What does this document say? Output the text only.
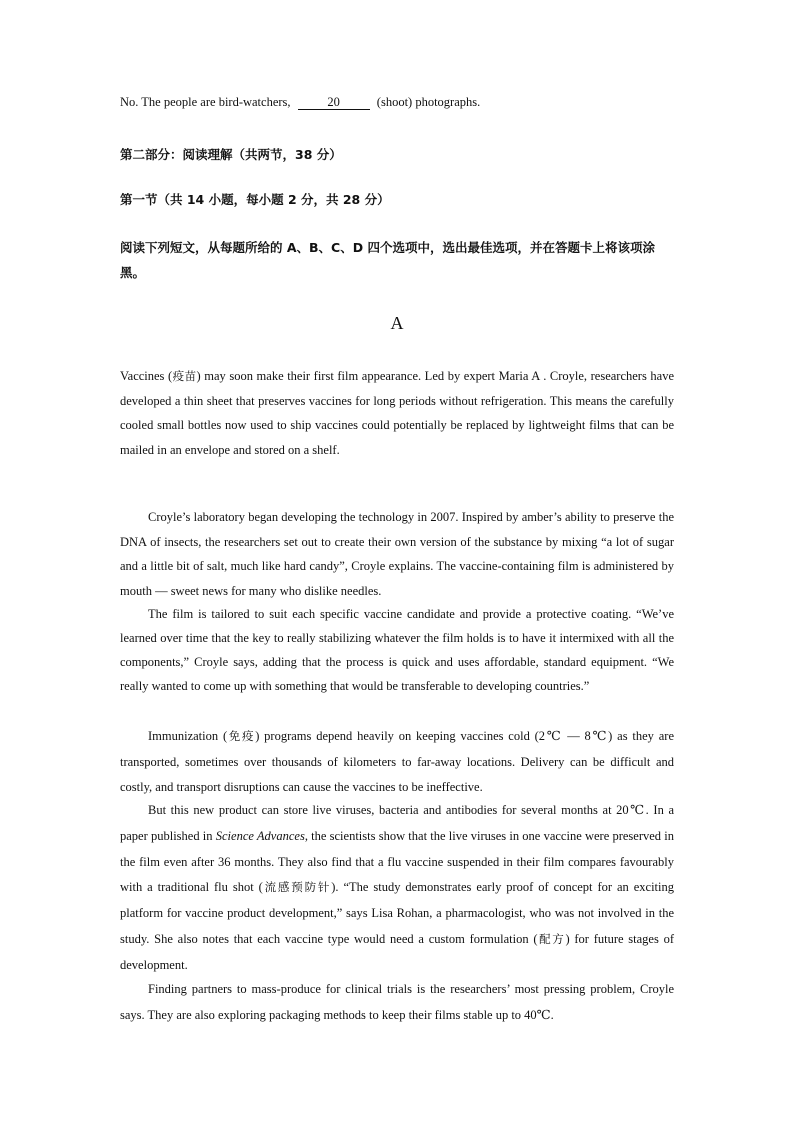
No. The people are bird-watchers,	20	(shoot) photographs.
第二部分：阅读理解（共两节，38 分）
第一节（共 14 小题，每小题 2 分，共 28 分）
阅读下列短文，从每题所给的 A、B、C、D 四个选项中，选出最佳选项，并在答题卡上将该项涂黑。
A

Vaccines (疫苗) may soon make their first film appearance. Led by expert Maria A . Croyle, researchers have developed a thin sheet that preserves vaccines for long periods without refrigeration. This means the carefully cooled small bottles now used to ship vaccines could potentially be replaced by lightweight films that can be mailed in an envelope and stored on a shelf.

Croyle’s laboratory began developing the technology in 2007. Inspired by amber’s ability to preserve the DNA of insects, the researchers set out to create their own version of the substance by mixing “a lot of sugar and a little bit of salt, much like hard candy”, Croyle explains. The vaccine-containing film is administered by mouth — sweet news for many who dislike needles.

The film is tailored to suit each specific vaccine candidate and provide a protective coating. “We’ve learned over time that the key to really stabilizing whatever the film holds is to have it intermixed with all the components,” Croyle says, adding that the process is quick and uses affordable, standard equipment. “We really wanted to come up with something that would be transferable to developing countries.”

Immunization (免疫) programs depend heavily on keeping vaccines cold (2℃ — 8℃) as they are transported, sometimes over thousands of kilometers to far-away locations. Delivery can be difficult and costly, and transport disruptions can cause the vaccines to be ineffective.

But this new product can store live viruses, bacteria and antibodies for several months at 20℃. In a paper published in Science Advances, the scientists show that the live viruses in one vaccine were preserved in the film even after 36 months. They also find that a flu vaccine suspended in their film compares favourably with a traditional flu shot (流感预防针). “The study demonstrates early proof of concept for an exciting platform for vaccine product development,” says Lisa Rohan, a pharmacologist, who was not involved in the study. She also notes that each vaccine type would need a custom formulation (配方) for future stages of development.

Finding partners to mass-produce for clinical trials is the researchers’ most pressing problem, Croyle says. They are also exploring packaging methods to keep their films stable up to 40℃.
